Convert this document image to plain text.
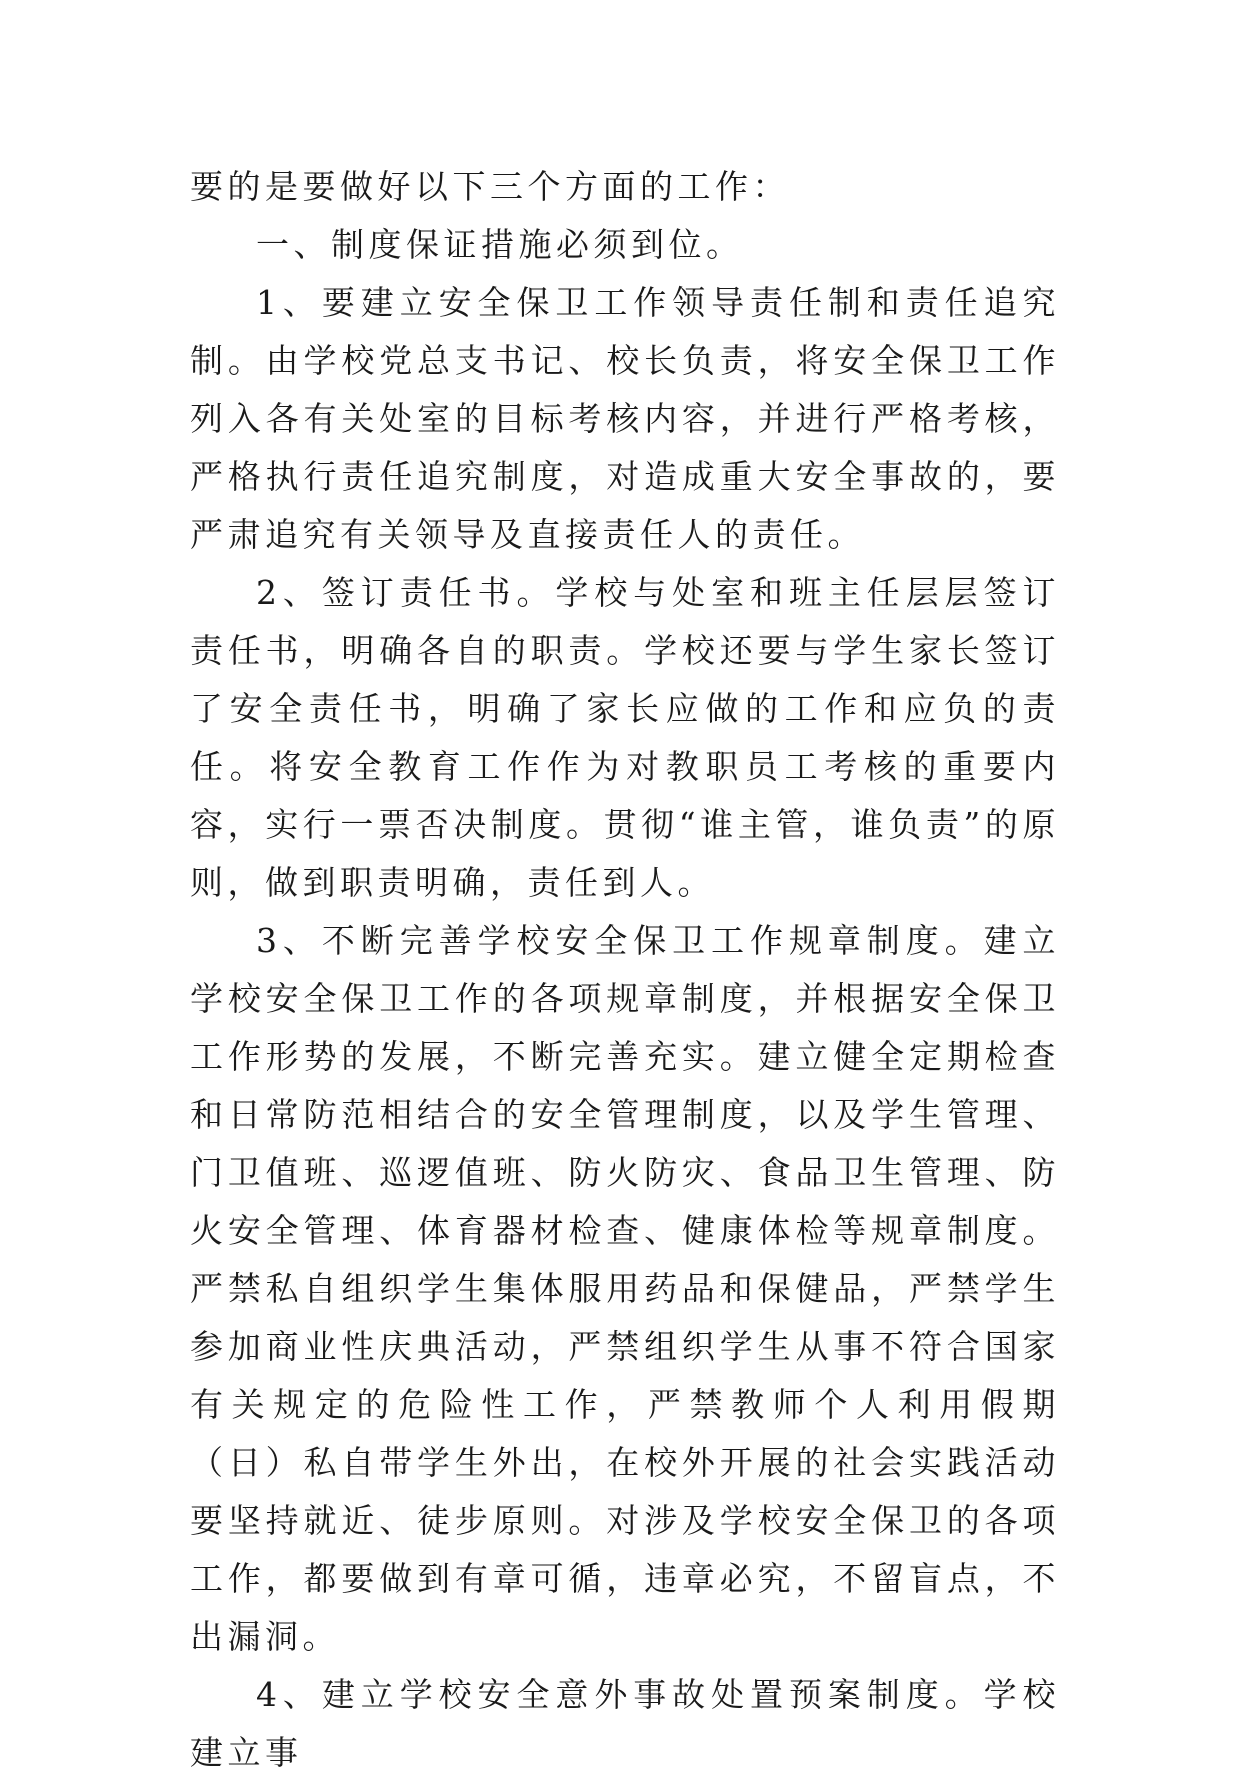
要的是要做好以下三个方面的工作：

一、制度保证措施必须到位。

1、要建立安全保卫工作领导责任制和责任追究制。由学校党总支书记、校长负责，将安全保卫工作列入各有关处室的目标考核内容，并进行严格考核，严格执行责任追究制度，对造成重大安全事故的，要严肃追究有关领导及直接责任人的责任。

2、签订责任书。学校与处室和班主任层层签订责任书，明确各自的职责。学校还要与学生家长签订了安全责任书，明确了家长应做的工作和应负的责任。将安全教育工作作为对教职员工考核的重要内容，实行一票否决制度。贯彻“谁主管，谁负责”的原则，做到职责明确，责任到人。

3、不断完善学校安全保卫工作规章制度。建立学校安全保卫工作的各项规章制度，并根据安全保卫工作形势的发展，不断完善充实。建立健全定期检查和日常防范相结合的安全管理制度，以及学生管理、门卫值班、巡逻值班、防火防灾、食品卫生管理、防火安全管理、体育器材检查、健康体检等规章制度。严禁私自组织学生集体服用药品和保健品，严禁学生参加商业性庆典活动，严禁组织学生从事不符合国家有关规定的危险性工作，严禁教师个人利用假期（日）私自带学生外出，在校外开展的社会实践活动要坚持就近、徒步原则。对涉及学校安全保卫的各项工作，都要做到有章可循，违章必究，不留盲点，不出漏洞。

4、建立学校安全意外事故处置预案制度。学校建立事
